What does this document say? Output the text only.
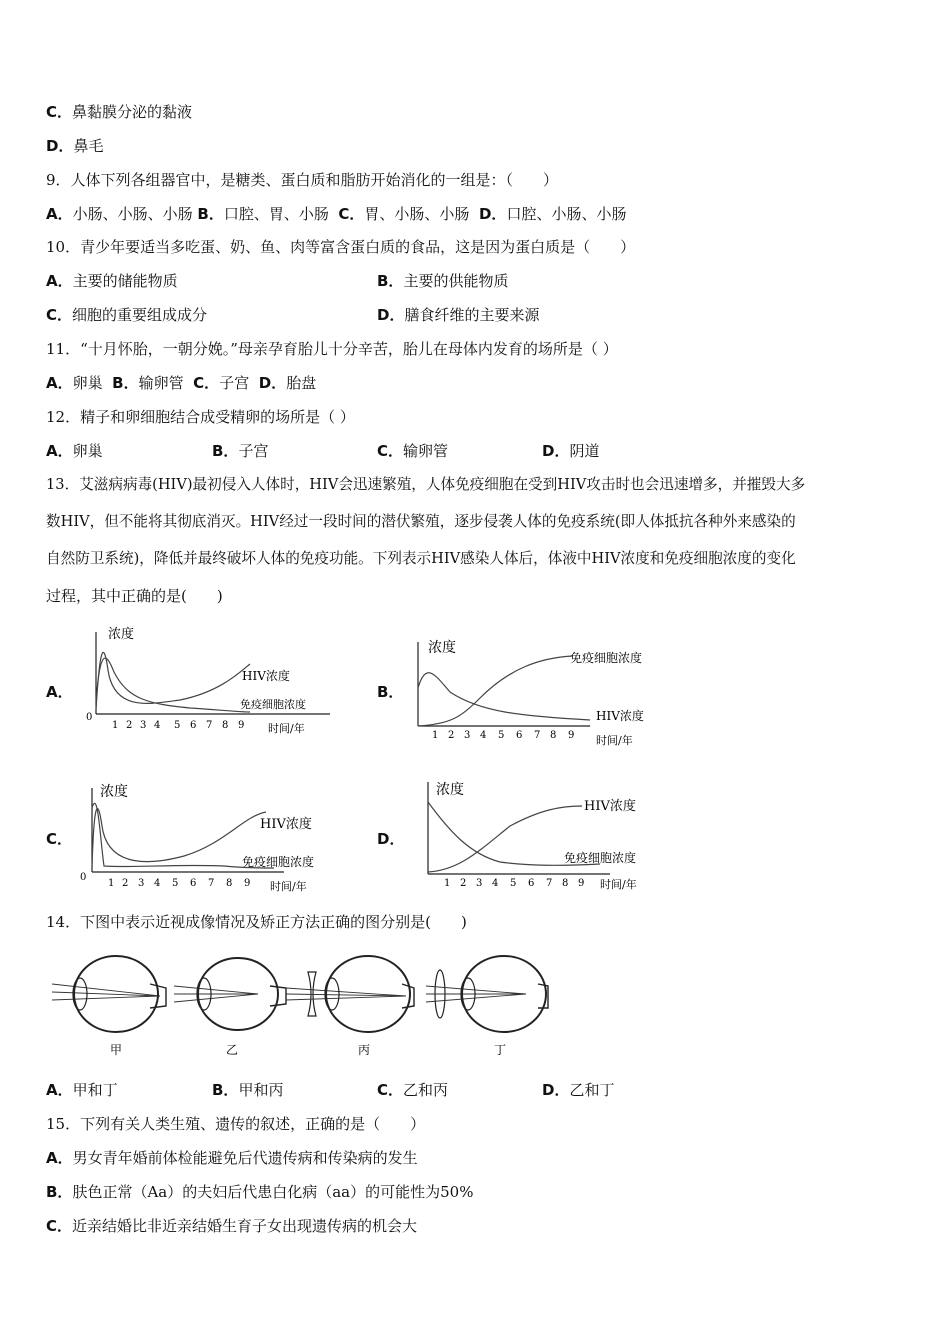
C．鼻黏膜分泌的黏液
D．鼻毛
9．人体下列各组器官中，是糖类、蛋白质和脂肪开始消化的一组是：（　　）
A．小肠、小肠、小肠 B．口腔、胃、小肠 C．胃、小肠、小肠 D．口腔、小肠、小肠
10．青少年要适当多吃蛋、奶、鱼、肉等富含蛋白质的食品，这是因为蛋白质是（　　）
A．主要的储能物质	B．主要的供能物质
C．细胞的重要组成成分	D．膳食纤维的主要来源
11．“十月怀胎，一朝分娩。”母亲孕育胎儿十分辛苦，胎儿在母体内发育的场所是（ ）
A．卵巢 B．输卵管 C．子宫 D．胎盘
12．精子和卵细胞结合成受精卵的场所是（ ）
A．卵巢	B．子宫	C．输卵管	D．阴道
13．艾滋病病毒(HIV)最初侵入人体时，HIV会迅速繁殖，人体免疫细胞在受到HIV攻击时也会迅速增多，并摧毁大多
数HIV，但不能将其彻底消灭。HIV经过一段时间的潜伏繁殖，逐步侵袭人体的免疫系统(即人体抵抗各种外来感染的
自然防卫系统)，降低并最终破坏人体的免疫功能。下列表示HIV感染人体后，体液中HIV浓度和免疫细胞浓度的变化
过程，其中正确的是(　　)
A．
浓度
0
HIV浓度
免疫细胞浓度
1 2 3 4 5 6 7 8 9 时间/年
B．
浓度
免疫细胞浓度
HIV浓度
1 2 3 4 5 6 7 8 9 时间/年
C．
浓度
0
HIV浓度
免疫细胞浓度
1 2 3 4 5 6 7 8 9 时间/年
D．
浓度
HIV浓度
免疫细胞浓度
1 2 3 4 5 6 7 8 9 时间/年
14．下图中表示近视成像情况及矫正方法正确的图分别是(　　)
甲	乙	丙	丁
A．甲和丁	B．甲和丙	C．乙和丙	D．乙和丁
15．下列有关人类生殖、遗传的叙述，正确的是（　　）
A．男女青年婚前体检能避免后代遗传病和传染病的发生
B．肤色正常（Aa）的夫妇后代患白化病（aa）的可能性为50%
C．近亲结婚比非近亲结婚生育子女出现遗传病的机会大
